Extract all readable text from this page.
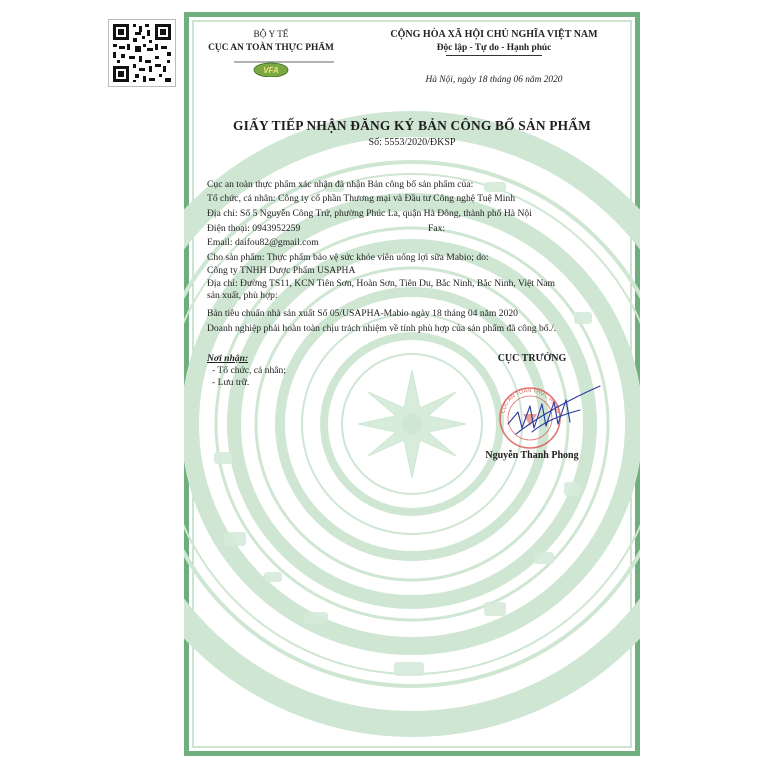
BỘ Y TẾ
CỤC AN TOÀN THỰC PHẨM
VFA
CỘNG HÒA XÃ HỘI CHỦ NGHĨA VIỆT NAM
Độc lập - Tự do - Hạnh phúc
Hà Nội, ngày 18 tháng 06 năm 2020
GIẤY TIẾP NHẬN ĐĂNG KÝ BẢN CÔNG BỐ SẢN PHẨM
Số: 5553/2020/ĐKSP
Cục an toàn thực phẩm xác nhận đã nhận Bản công bố sản phẩm của:
Tổ chức, cá nhân: Công ty cổ phần Thương mại và Đầu tư Công nghệ Tuệ Minh
Địa chỉ: Số 5 Nguyễn Công Trứ, phường Phúc La, quận Hà Đông, thành phố Hà Nội
Điện thoại: 0943952259	Fax:
Email: daifou82@gmail.com
Cho sản phẩm: Thực phẩm bảo vệ sức khỏe viên uống lợi sữa Mabio; do:
Công ty TNHH Dược Phẩm USAPHA
Địa chỉ: Đường TS11, KCN Tiên Sơn, Hoàn Sơn, Tiên Du, Bắc Ninh, Bắc Ninh, Việt Nam
sản xuất, phù hợp:
Bản tiêu chuẩn nhà sản xuất Số 05/USAPHA-Mabio ngày 18 tháng 04 năm 2020
Doanh nghiệp phải hoàn toàn chịu trách nhiệm về tính phù hợp của sản phẩm đã công bố./.
Nơi nhận:
- Tổ chức, cá nhân;
- Lưu trữ.
CỤC TRƯỞNG
CỤC AN TOÀN THỰC PHẨM
Nguyễn Thanh Phong
